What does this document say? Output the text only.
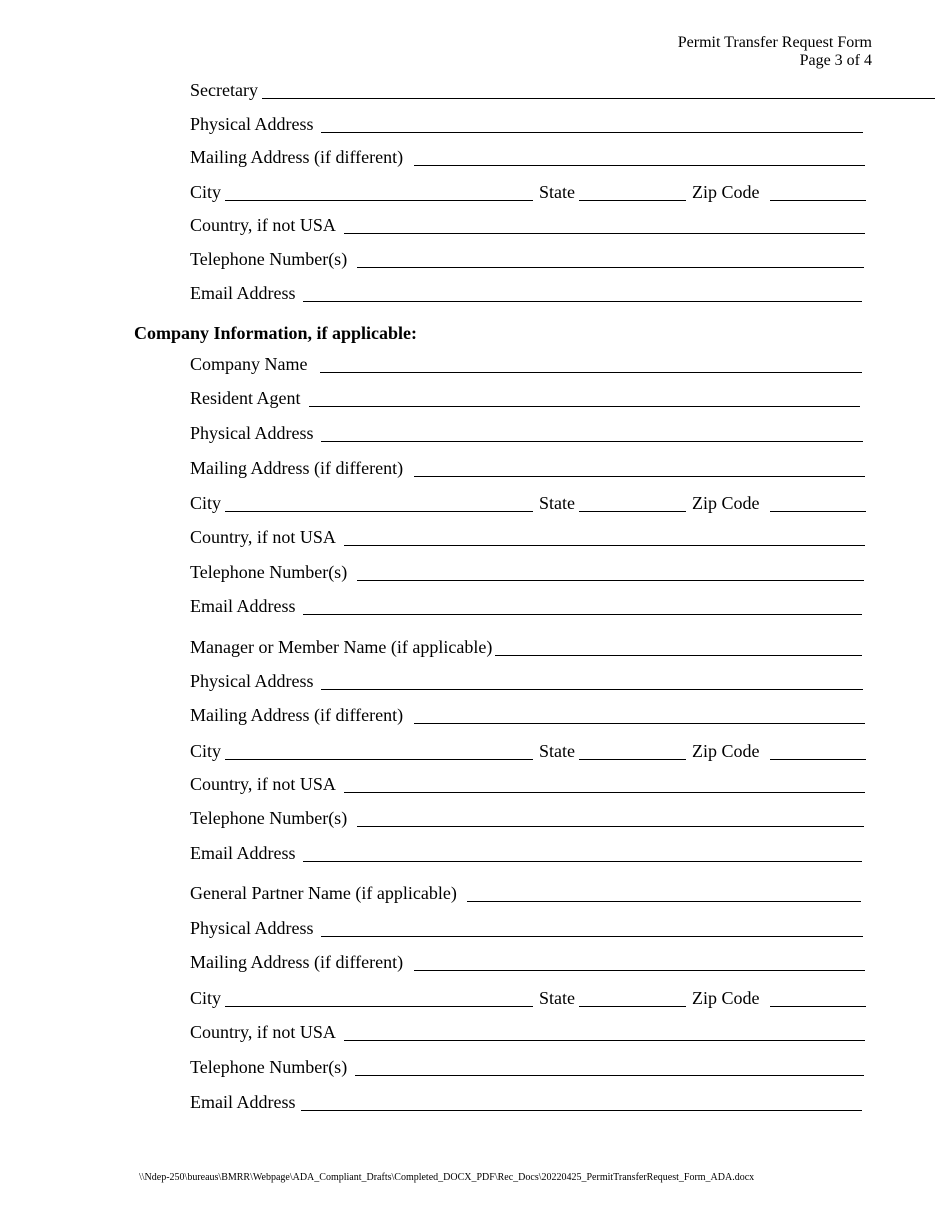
Permit Transfer Request Form
Page 3 of 4
Secretary
Physical Address
Mailing Address (if different)
City	State	Zip Code
Country, if not USA
Telephone Number(s)
Email Address
Company Information, if applicable:
Company Name
Resident Agent
Physical Address
Mailing Address (if different)
City	State	Zip Code
Country, if not USA
Telephone Number(s)
Email Address
Manager or Member Name (if applicable)
Physical Address
Mailing Address (if different)
City	State	Zip Code
Country, if not USA
Telephone Number(s)
Email Address
General Partner Name (if applicable)
Physical Address
Mailing Address (if different)
City	State	Zip Code
Country, if not USA
Telephone Number(s)
Email Address
\\Ndep-250\bureaus\BMRR\Webpage\ADA_Compliant_Drafts\Completed_DOCX_PDF\Rec_Docs\20220425_PermitTransferRequest_Form_ADA.docx
